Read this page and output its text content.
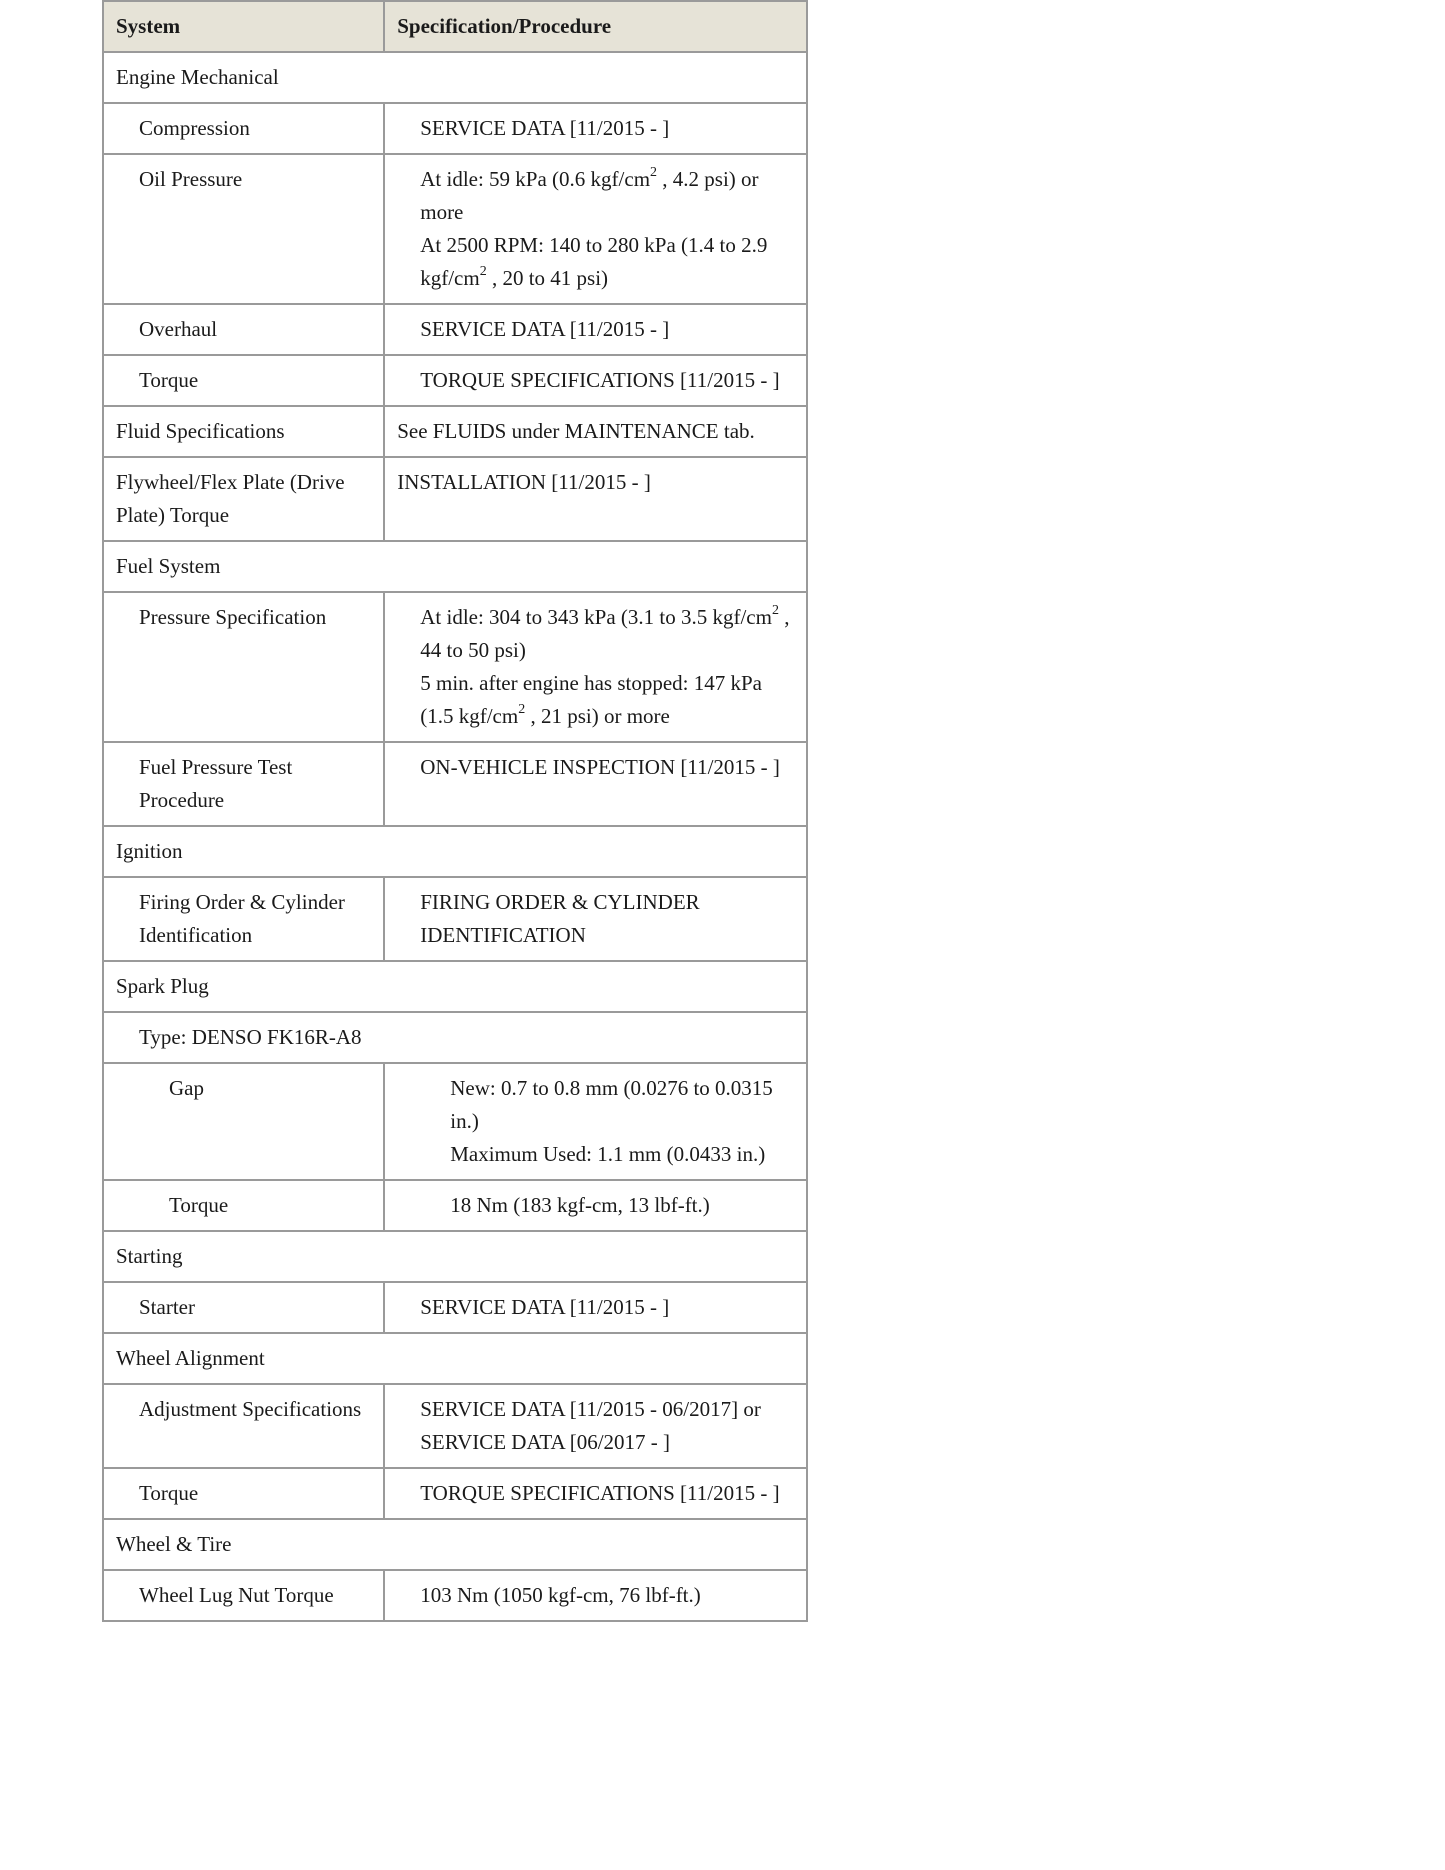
System	Specification/Procedure
Engine Mechanical	
Compression	SERVICE DATA [11/2015 - ]
Oil Pressure	At idle: 59 kPa (0.6 kgf/$cm^2$ , 4.2 psi) or more
At 2500 RPM: 140 to 280 kPa (1.4 to 2.9 kgf/$cm^2$ , 20 to 41 psi)

Overhaul	SERVICE DATA [11/2015 - ]
Torque	TORQUE SPECIFICATIONS [11/2015 - ]
Fluid Specifications	See FLUIDS under MAINTENANCE tab.
Flywheel/Flex Plate (Drive Plate) Torque	INSTALLATION [11/2015 - ]
Fuel System	
Pressure Specification	At idle: 304 to 343 kPa (3.1 to 3.5 kgf/$cm^2$ , 44 to 50 psi)
5 min. after engine has stopped: 147 kPa (1.5 kgf/$cm^2$ , 21 psi) or more

Fuel Pressure Test Procedure	ON-VEHICLE INSPECTION [11/2015 - ]
Ignition	
Firing Order & Cylinder Identification	FIRING ORDER & CYLINDER IDENTIFICATION
Spark Plug	
Type: DENSO FK16R-A8	
Gap	New: 0.7 to 0.8 mm (0.0276 to 0.0315 in.)
Maximum Used: 1.1 mm (0.0433 in.)

Torque	18 Nm (183 kgf-cm, 13 lbf-ft.)
Starting	
Starter	SERVICE DATA [11/2015 - ]
Wheel Alignment	
Adjustment Specifications	SERVICE DATA [11/2015 - 06/2017] or SERVICE DATA [06/2017 - ]
Torque	TORQUE SPECIFICATIONS [11/2015 - ]
Wheel & Tire	
Wheel Lug Nut Torque	103 Nm (1050 kgf-cm, 76 lbf-ft.)
